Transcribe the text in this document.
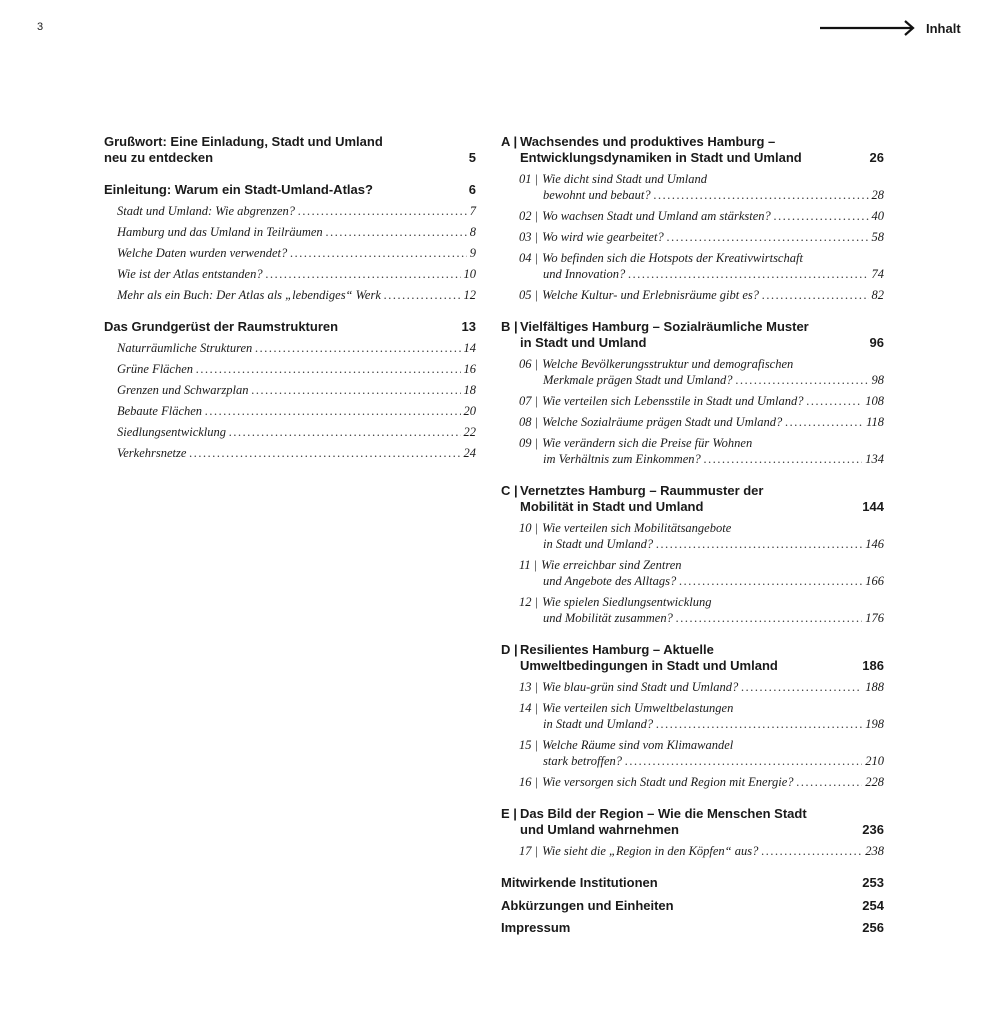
3	Inhalt
Grußwort: Eine Einladung, Stadt und Umland
neu zu entdecken	5
Einleitung: Warum ein Stadt-Umland-Atlas?	6
Stadt und Umland: Wie abgrenzen? .....	7
Hamburg und das Umland in Teilräumen .....	8
Welche Daten wurden verwendet? .....	9
Wie ist der Atlas entstanden? .....	10
Mehr als ein Buch: Der Atlas als „lebendiges“ Werk .....	12
Das Grundgerüst der Raumstrukturen	13
Naturräumliche Strukturen .....	14
Grüne Flächen .....	16
Grenzen und Schwarzplan .....	18
Bebaute Flächen .....	20
Siedlungsentwicklung .....	22
Verkehrsnetze .....	24
A | Wachsendes und produktives Hamburg –
Entwicklungsdynamiken in Stadt und Umland	26
01 | Wie dicht sind Stadt und Umland
bewohnt und bebaut? .....	28
02 | Wo wachsen Stadt und Umland am stärksten? .....	40
03 | Wo wird wie gearbeitet? .....	58
04 | Wo befinden sich die Hotspots der Kreativwirtschaft
und Innovation? .....	74
05 | Welche Kultur- und Erlebnisräume gibt es? .....	82
B | Vielfältiges Hamburg – Sozialräumliche Muster
in Stadt und Umland	96
06 | Welche Bevölkerungsstruktur und demografischen
Merkmale prägen Stadt und Umland? .....	98
07 | Wie verteilen sich Lebensstile in Stadt und Umland? .....	108
08 | Welche Sozialräume prägen Stadt und Umland? .....	118
09 | Wie verändern sich die Preise für Wohnen
im Verhältnis zum Einkommen? .....	134
C | Vernetztes Hamburg – Raummuster der
Mobilität in Stadt und Umland	144
10 | Wie verteilen sich Mobilitätsangebote
in Stadt und Umland? .....	146
11 | Wie erreichbar sind Zentren
und Angebote des Alltags? .....	166
12 | Wie spielen Siedlungsentwicklung
und Mobilität zusammen? .....	176
D | Resilientes Hamburg – Aktuelle
Umweltbedingungen in Stadt und Umland	186
13 | Wie blau-grün sind Stadt und Umland? .....	188
14 | Wie verteilen sich Umweltbelastungen
in Stadt und Umland? .....	198
15 | Welche Räume sind vom Klimawandel
stark betroffen? .....	210
16 | Wie versorgen sich Stadt und Region mit Energie? .....	228
E | Das Bild der Region – Wie die Menschen Stadt
und Umland wahrnehmen	236
17 | Wie sieht die „Region in den Köpfen“ aus? .....	238
Mitwirkende Institutionen	253
Abkürzungen und Einheiten	254
Impressum	256
